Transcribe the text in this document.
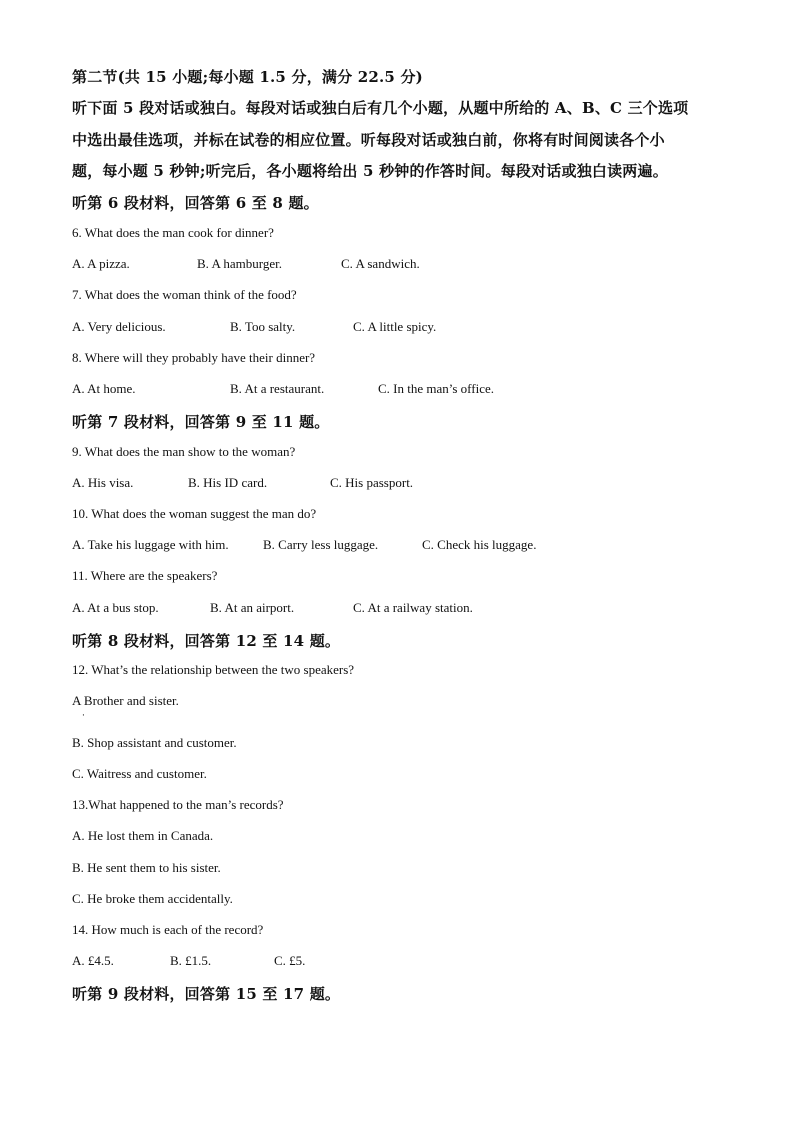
第二节(共 15 小题;每小题 1.5 分，满分 22.5 分)
听下面 5 段对话或独白。每段对话或独白后有几个小题，从题中所给的 A、B、C 三个选项
中选出最佳选项，并标在试卷的相应位置。听每段对话或独白前，你将有时间阅读各个小
题，每小题 5 秒钟;听完后，各小题将给出 5 秒钟的作答时间。每段对话或独白读两遍。
听第 6 段材料，回答第 6 至 8 题。
6. What does the man cook for dinner?
A. A pizza.	B. A hamburger.	C. A sandwich.
7. What does the woman think of the food?
A. Very delicious.	B. Too salty.	C. A little spicy.
8. Where will they probably have their dinner?
A. At home.	B. At a restaurant.	C. In the man’s office.
听第 7 段材料，回答第 9 至 11 题。
9. What does the man show to the woman?
A. His visa.	B. His ID card.	C. His passport.
10. What does the woman suggest the man do?
A. Take his luggage with him.	B. Carry less luggage.	C. Check his luggage.
11. Where are the speakers?
A. At a bus stop.	B. At an airport.	C. At a railway station.
听第 8 段材料，回答第 12 至 14 题。
12. What’s the relationship between the two speakers?
A Brother and sister.
·
B. Shop assistant and customer.
C. Waitress and customer.
13.What happened to the man’s records?
A. He lost them in Canada.
B. He sent them to his sister.
C. He broke them accidentally.
14. How much is each of the record?
A. £4.5.	B. £1.5.	C. £5.
听第 9 段材料，回答第 15 至 17 题。
